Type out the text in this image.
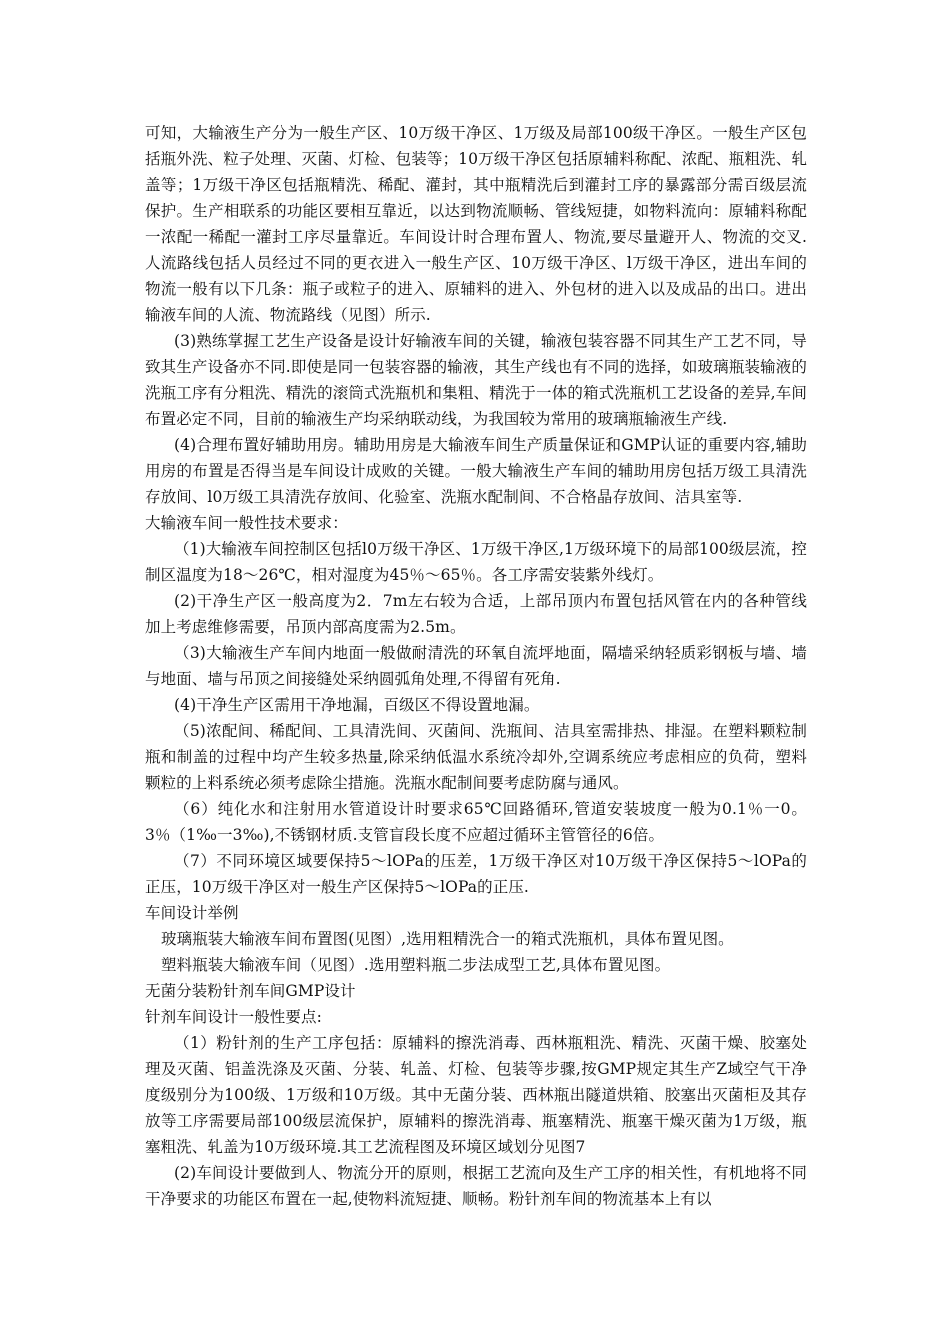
可知，大输液生产分为一般生产区、10万级干净区、1万级及局部100级干净区。一般生产区包括瓶外洗、粒子处理、灭菌、灯检、包装等；10万级干净区包括原辅料称配、浓配、瓶粗洗、轧盖等；1万级干净区包括瓶精洗、稀配、灌封，其中瓶精洗后到灌封工序的暴露部分需百级层流保护。生产相联系的功能区要相互靠近，以达到物流顺畅、管线短捷，如物料流向：原辅料称配一浓配一稀配一灌封工序尽量靠近。车间设计时合理布置人、物流,要尽量避开人、物流的交叉.人流路线包括人员经过不同的更衣进入一般生产区、10万级干净区、l万级干净区，进出车间的物流一般有以下几条：瓶子或粒子的进入、原辅料的进入、外包材的进入以及成品的出口。进出输液车间的人流、物流路线（见图）所示.

(3)熟练掌握工艺生产设备是设计好输液车间的关键，输液包装容器不同其生产工艺不同，导致其生产设备亦不同.即使是同一包装容器的输液，其生产线也有不同的选择，如玻璃瓶装输液的洗瓶工序有分粗洗、精洗的滚筒式洗瓶机和集粗、精洗于一体的箱式洗瓶机工艺设备的差异,车间布置必定不同，目前的输液生产均采纳联动线，为我国较为常用的玻璃瓶输液生产线.

(4)合理布置好辅助用房。辅助用房是大输液车间生产质量保证和GMP认证的重要内容,辅助用房的布置是否得当是车间设计成败的关键。一般大输液生产车间的辅助用房包括万级工具清洗存放间、l0万级工具清洗存放间、化验室、洗瓶水配制间、不合格晶存放间、洁具室等.

大输液车间一般性技术要求：

（1)大输液车间控制区包括l0万级干净区、1万级干净区,1万级环境下的局部100级层流，控制区温度为18～26℃，相对湿度为45％～65％。各工序需安装紫外线灯。

(2)干净生产区一般高度为2．7m左右较为合适，上部吊顶内布置包括风管在内的各种管线加上考虑维修需要，吊顶内部高度需为2.5m。

（3)大输液生产车间内地面一般做耐清洗的环氧自流坪地面，隔墙采纳轻质彩钢板与墙、墙与地面、墙与吊顶之间接缝处采纳圆弧角处理,不得留有死角.

(4)干净生产区需用干净地漏，百级区不得设置地漏。

（5)浓配间、稀配间、工具清洗间、灭菌间、洗瓶间、洁具室需排热、排湿。在塑料颗粒制瓶和制盖的过程中均产生较多热量,除采纳低温水系统冷却外,空调系统应考虑相应的负荷，塑料颗粒的上料系统必须考虑除尘措施。洗瓶水配制间要考虑防腐与通风。

（6）纯化水和注射用水管道设计时要求65℃回路循环,管道安装坡度一般为0.1％一0。3％（1‰一3‰),不锈钢材质.支管盲段长度不应超过循环主管管径的6倍。

（7）不同环境区域要保持5～lOPa的压差，1万级干净区对10万级干净区保持5～lOPa的正压，10万级干净区对一般生产区保持5～lOPa的正压.

车间设计举例

玻璃瓶装大输液车间布置图(见图）,选用粗精洗合一的箱式洗瓶机，具体布置见图。

塑料瓶装大输液车间（见图）.选用塑料瓶二步法成型工艺,具体布置见图。

无菌分装粉针剂车间GMP设计

针剂车间设计一般性要点:

（1）粉针剂的生产工序包括：原辅料的擦洗消毒、西林瓶粗洗、精洗、灭菌干燥、胶塞处理及灭菌、铝盖洗涤及灭菌、分装、轧盖、灯检、包装等步骤,按GMP规定其生产Z域空气干净度级别分为100级、1万级和10万级。其中无菌分装、西林瓶出隧道烘箱、胶塞出灭菌柜及其存放等工序需要局部100级层流保护，原辅料的擦洗消毒、瓶塞精洗、瓶塞干燥灭菌为1万级，瓶塞粗洗、轧盖为10万级环境.其工艺流程图及环境区域划分见图7

(2)车间设计要做到人、物流分开的原则，根据工艺流向及生产工序的相关性，有机地将不同干净要求的功能区布置在一起,使物料流短捷、顺畅。粉针剂车间的物流基本上有以
